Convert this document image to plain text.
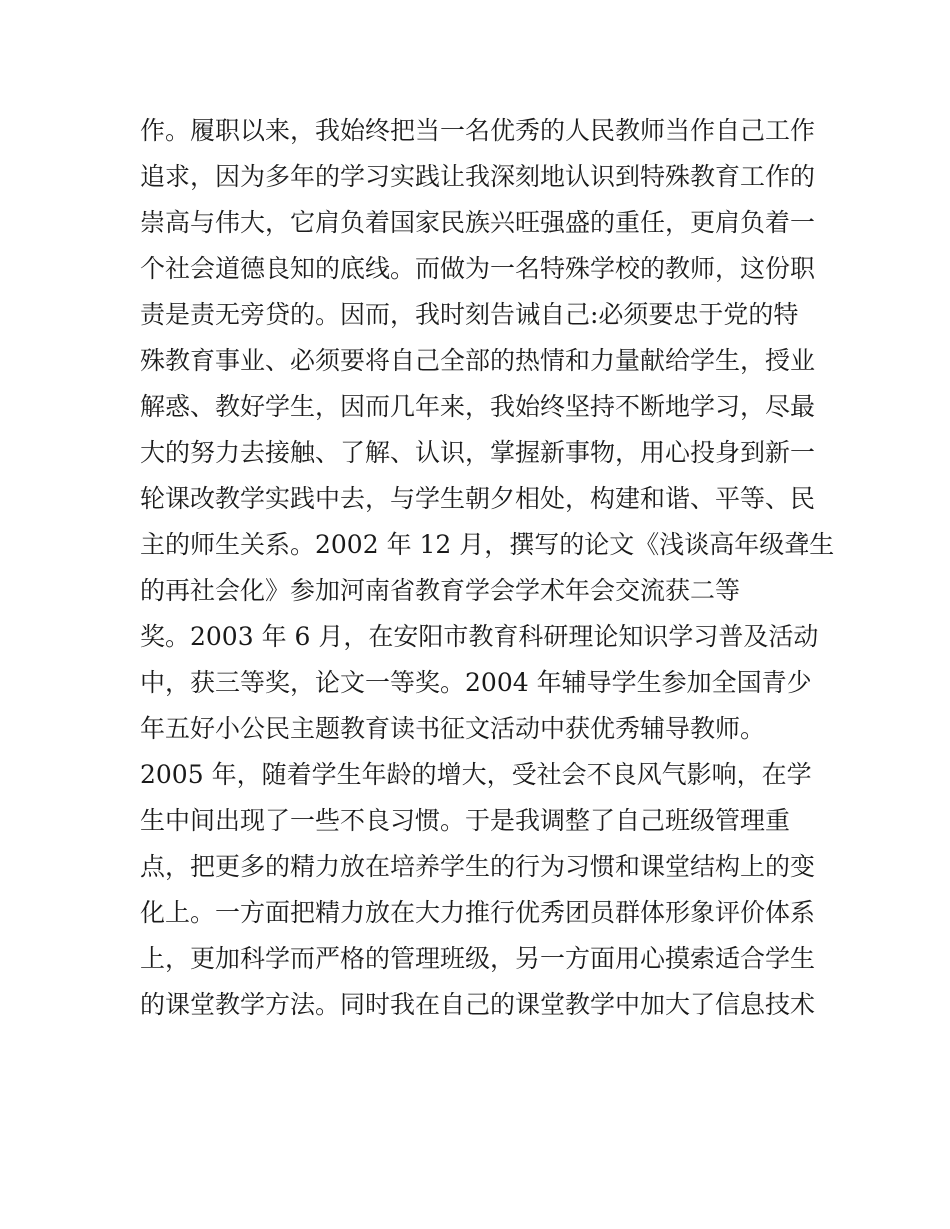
作。履职以来，我始终把当一名优秀的人民教师当作自己工作
追求，因为多年的学习实践让我深刻地认识到特殊教育工作的
崇高与伟大，它肩负着国家民族兴旺强盛的重任，更肩负着一
个社会道德良知的底线。而做为一名特殊学校的教师，这份职
责是责无旁贷的。因而，我时刻告诫自己:必须要忠于党的特
殊教育事业、必须要将自己全部的热情和力量献给学生，授业
解惑、教好学生，因而几年来，我始终坚持不断地学习，尽最
大的努力去接触、了解、认识，掌握新事物，用心投身到新一
轮课改教学实践中去，与学生朝夕相处，构建和谐、平等、民
主的师生关系。2002 年 12 月，撰写的论文《浅谈高年级聋生
的再社会化》参加河南省教育学会学术年会交流获二等
奖。2003 年 6 月，在安阳市教育科研理论知识学习普及活动
中，获三等奖，论文一等奖。2004 年辅导学生参加全国青少
年五好小公民主题教育读书征文活动中获优秀辅导教师。
2005 年，随着学生年龄的增大，受社会不良风气影响，在学
生中间出现了一些不良习惯。于是我调整了自己班级管理重
点，把更多的精力放在培养学生的行为习惯和课堂结构上的变
化上。一方面把精力放在大力推行优秀团员群体形象评价体系
上，更加科学而严格的管理班级，另一方面用心摸索适合学生
的课堂教学方法。同时我在自己的课堂教学中加大了信息技术
